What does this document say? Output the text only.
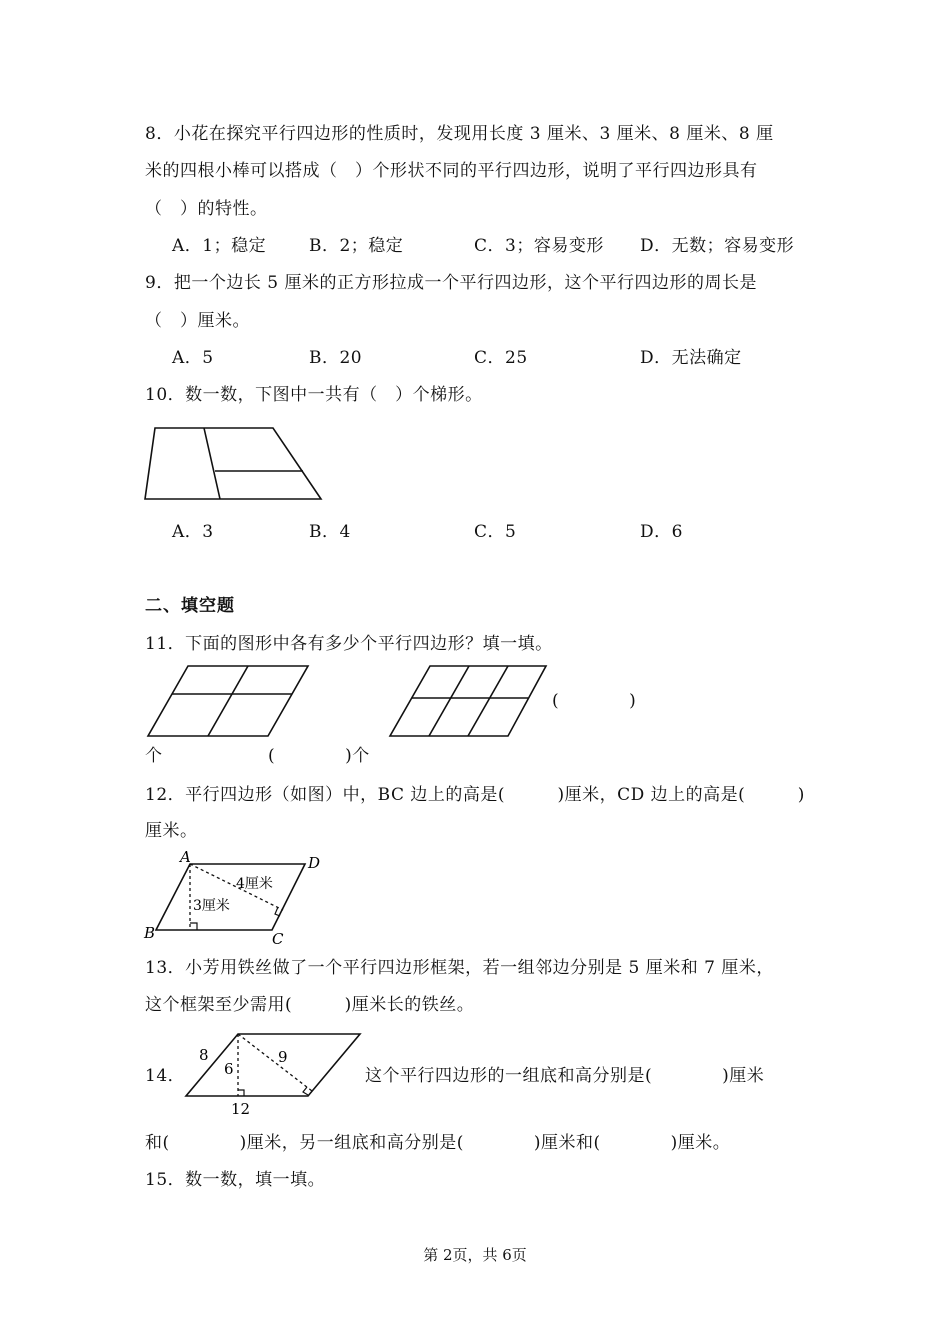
8．小花在探究平行四边形的性质时，发现用长度 3 厘米、3 厘米、8 厘米、8 厘
米的四根小棒可以搭成（　）个形状不同的平行四边形，说明了平行四边形具有
（　）的特性。
A．1；稳定	B．2；稳定	C．3；容易变形 D．无数；容易变形
9．把一个边长 5 厘米的正方形拉成一个平行四边形，这个平行四边形的周长是
（　）厘米。
A．5	B．20	C．25	D．无法确定
10．数一数，下图中一共有（　）个梯形。
A．3	B．4	C．5	D．6
二、填空题
11．下面的图形中各有多少个平行四边形？填一填。
(　　　　)
个	(　　　　)个
12．平行四边形（如图）中，BC 边上的高是(　　　)厘米，CD 边上的高是(　　　)
厘米。
A	D
B	C
4厘米
3厘米
13．小芳用铁丝做了一个平行四边形框架，若一组邻边分别是 5 厘米和 7 厘米，
这个框架至少需用(　　　)厘米长的铁丝。
14．
8
6
9
12
这个平行四边形的一组底和高分别是(　　　　)厘米
和(　　　　)厘米，另一组底和高分别是(　　　　)厘米和(　　　　)厘米。
15．数一数，填一填。
第 2页，共 6页
